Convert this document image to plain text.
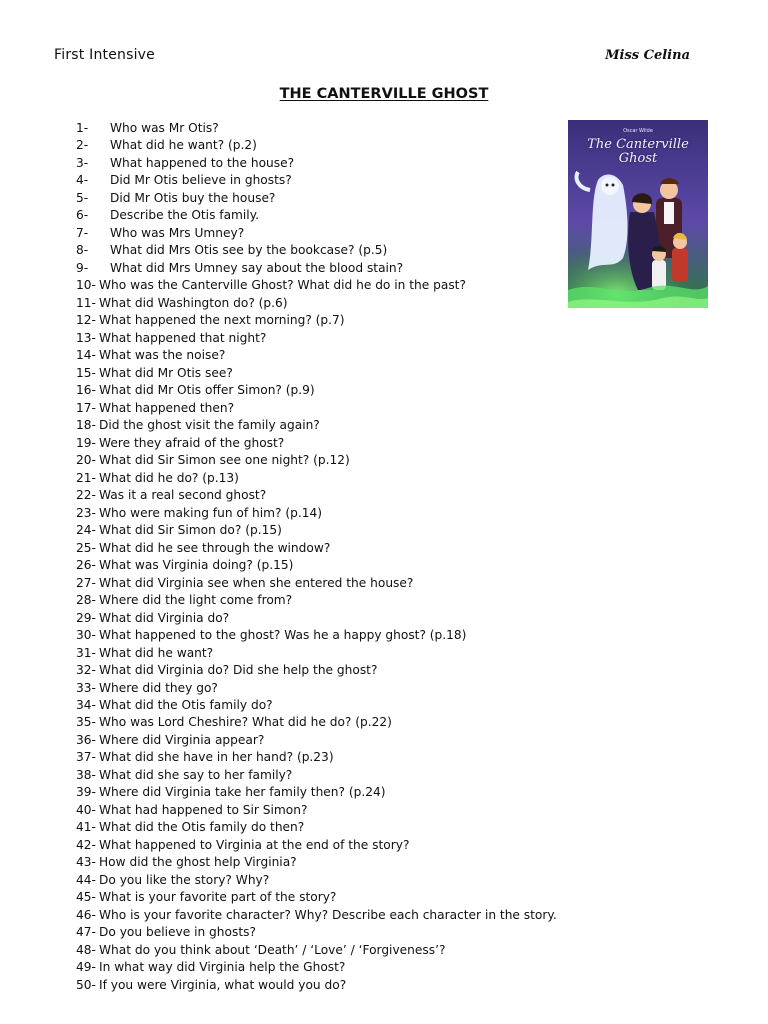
First Intensive	Miss Celina
THE CANTERVILLE GHOST
1-	Who was Mr Otis?
2-	What did he want? (p.2)
3-	What happened to the house?
4-	Did Mr Otis believe in ghosts?
5-	Did Mr Otis buy the house?
6-	Describe the Otis family.
7-	Who was Mrs Umney?
8-	What did Mrs Otis see by the bookcase? (p.5)
9-	What did Mrs Umney say about the blood stain?
10- Who was the Canterville Ghost? What did he do in the past?
11- What did Washington do? (p.6)
12- What happened the next morning? (p.7)
13- What happened that night?
14- What was the noise?
15- What did Mr Otis see?
16- What did Mr Otis offer Simon? (p.9)
17- What happened then?
18- Did the ghost visit the family again?
19- Were they afraid of the ghost?
20- What did Sir Simon see one night? (p.12)
21- What did he do? (p.13)
22- Was it a real second ghost?
23- Who were making fun of him? (p.14)
24- What did Sir Simon do? (p.15)
25- What did he see through the window?
26- What was Virginia doing? (p.15)
27- What did Virginia see when she entered the house?
28- Where did the light come from?
29- What did Virginia do?
30- What happened to the ghost? Was he a happy ghost? (p.18)
31- What did he want?
32- What did Virginia do? Did she help the ghost?
33- Where did they go?
34- What did the Otis family do?
35- Who was Lord Cheshire? What did he do? (p.22)
36- Where did Virginia appear?
37- What did she have in her hand? (p.23)
38- What did she say to her family?
39- Where did Virginia take her family then? (p.24)
40- What had happened to Sir Simon?
41- What did the Otis family do then?
42- What happened to Virginia at the end of the story?
43- How did the ghost help Virginia?
44- Do you like the story? Why?
45- What is your favorite part of the story?
46- Who is your favorite character? Why? Describe each character in the story.
47- Do you believe in ghosts?
48- What do you think about ‘Death’ / ‘Love’ / ‘Forgiveness’?
49- In what way did Virginia help the Ghost?
50- If you were Virginia, what would you do?
Oscar Wilde
The Canterville
Ghost
